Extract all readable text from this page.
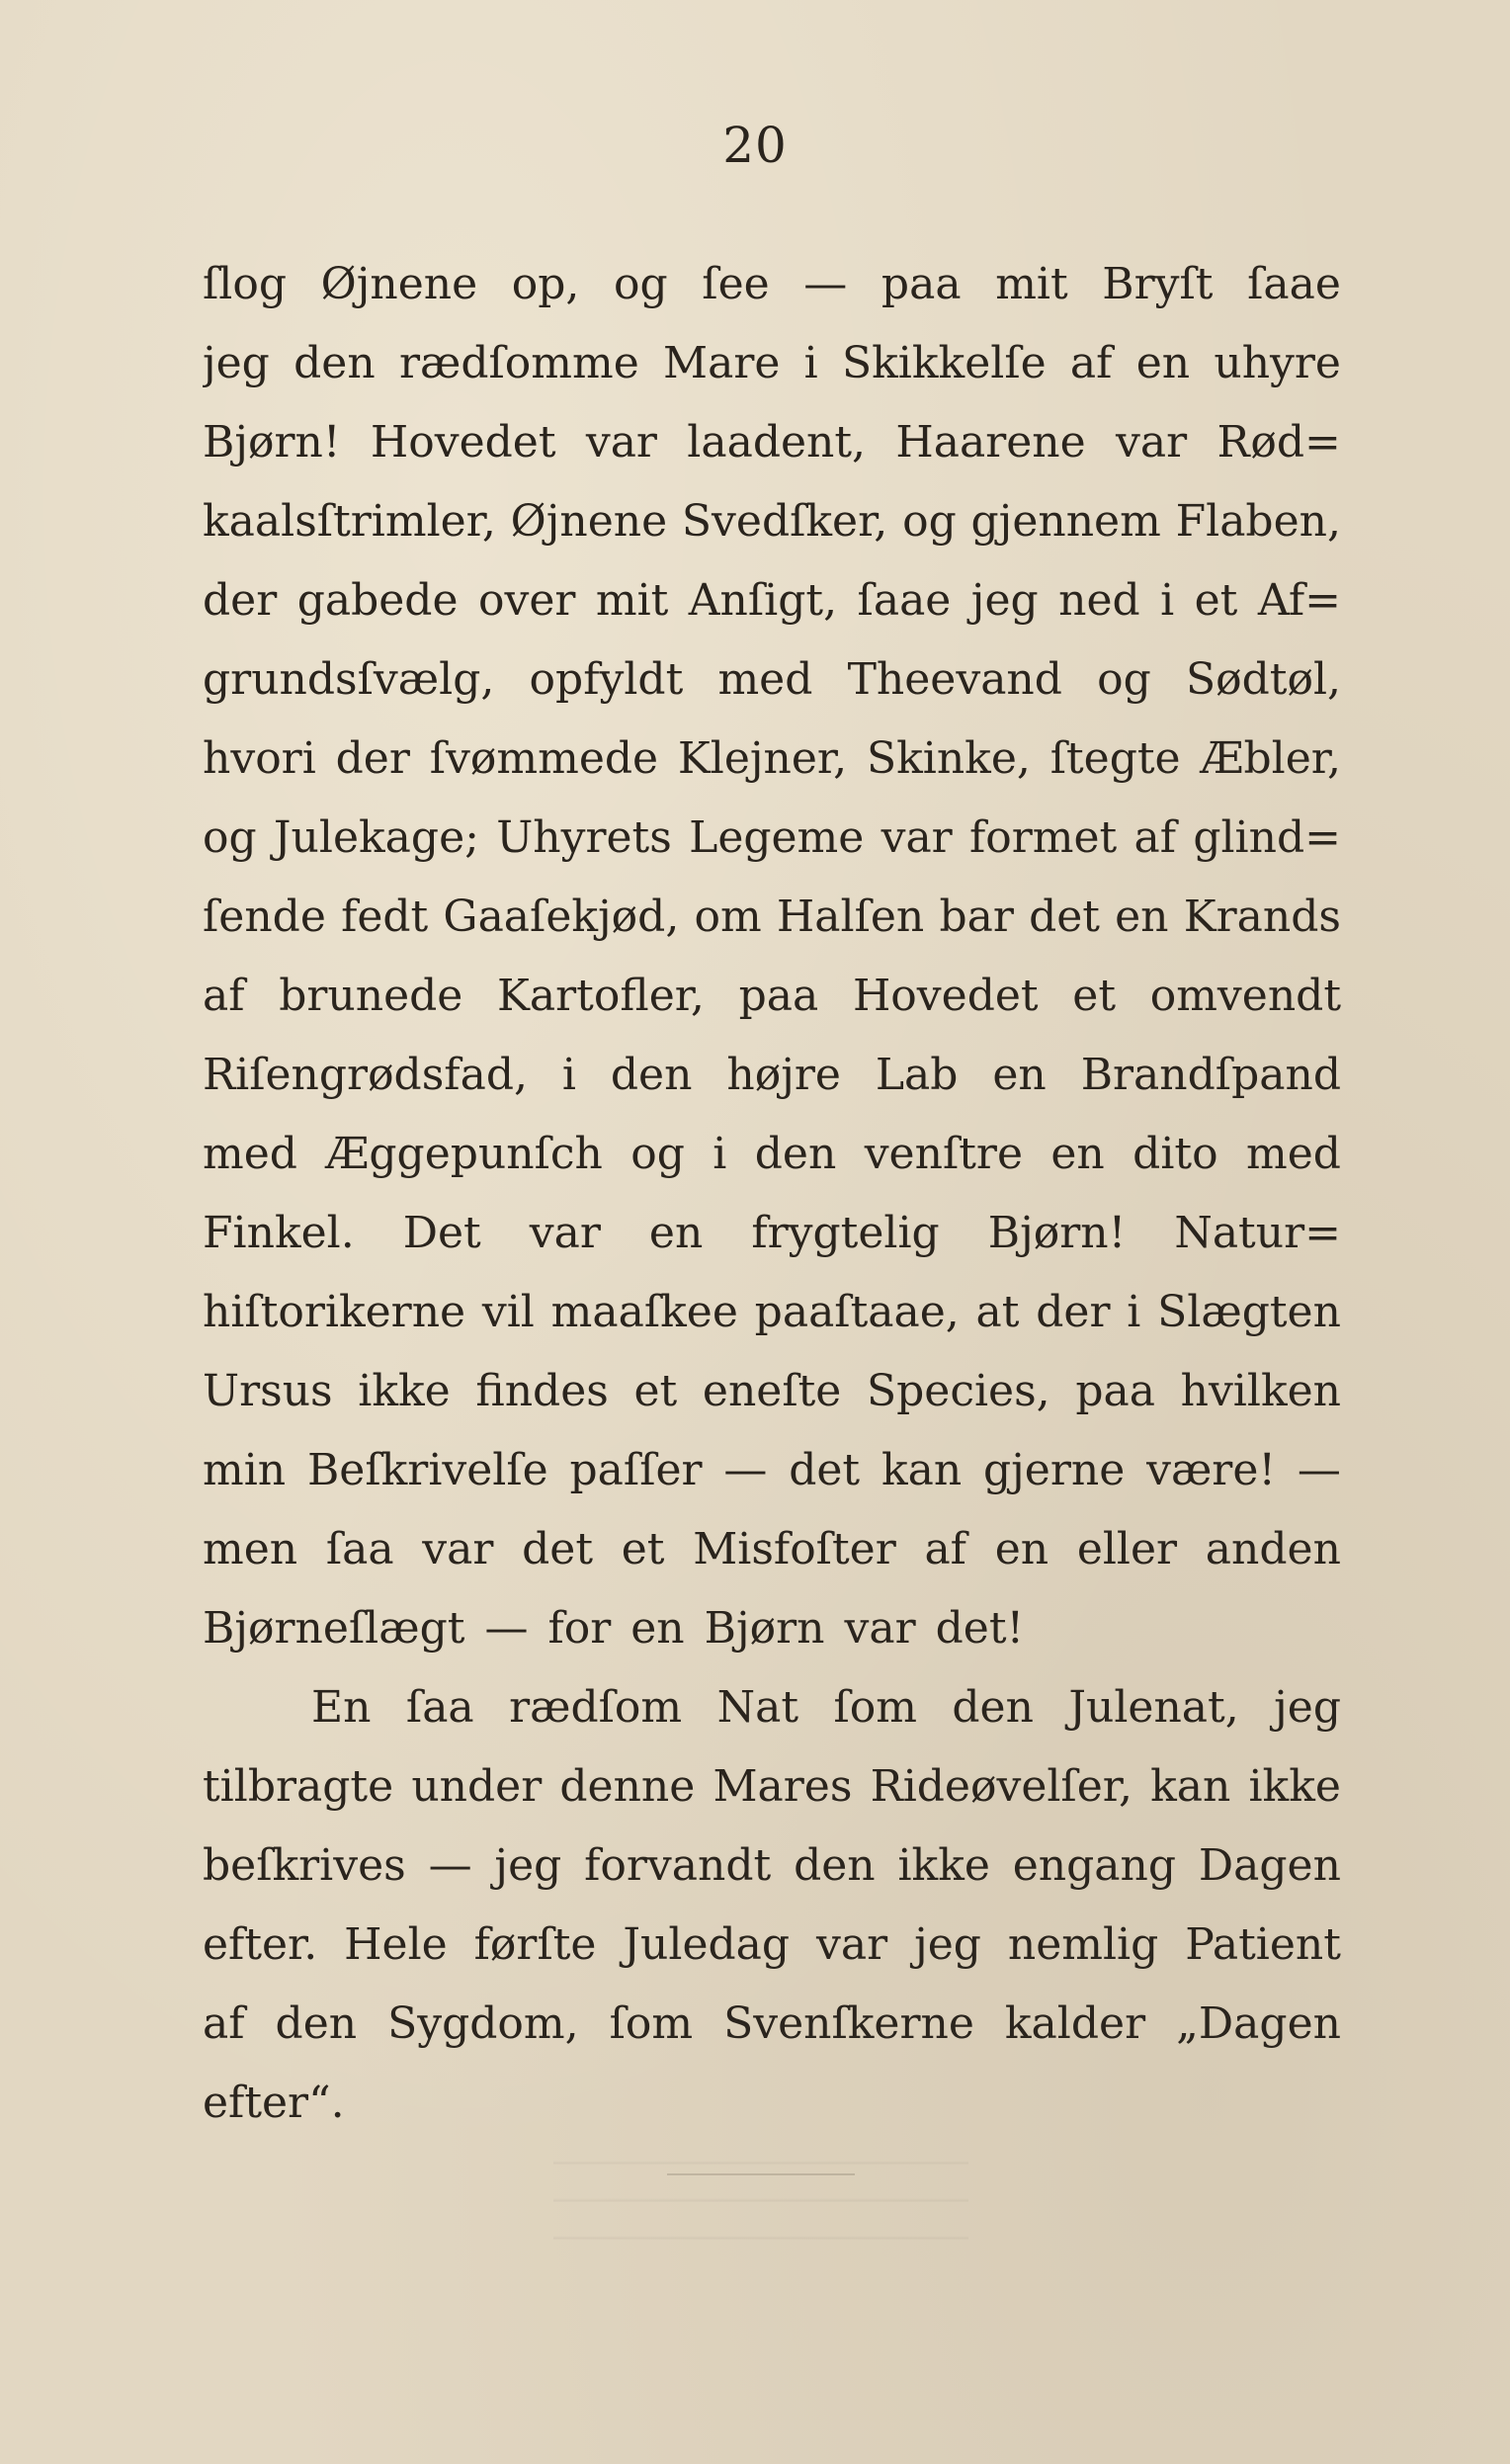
20
ſlog Øjnene op, og ſee — paa mit Bryſt ſaae
jeg den rædſomme Mare i Skikkelſe af en uhyre
Bjørn! Hovedet var laadent, Haarene var Rød=
kaalsſtrimler, Øjnene Svedſker, og gjennem Flaben,
der gabede over mit Anſigt, ſaae jeg ned i et Af=
grundsſvælg, opfyldt med Theevand og Sødtøl,
hvori der ſvømmede Klejner, Skinke, ſtegte Æbler,
og Julekage; Uhyrets Legeme var formet af glind=
ſende fedt Gaaſekjød, om Halſen bar det en Krands
af brunede Kartofler, paa Hovedet et omvendt
Riſengrødsfad, i den højre Lab en Brandſpand
med Æggepunſch og i den venſtre en dito med
Finkel. Det var en frygtelig Bjørn! Natur=
hiſtorikerne vil maaſkee paaſtaae, at der i Slægten
Ursus ikke findes et eneſte Species, paa hvilken
min Beſkrivelſe paſſer — det kan gjerne være! —
men ſaa var det et Misfoſter af en eller anden
Bjørneſlægt — for en Bjørn var det!
En ſaa rædſom Nat ſom den Julenat, jeg
tilbragte under denne Mares Rideøvelſer, kan ikke
beſkrives — jeg forvandt den ikke engang Dagen
efter. Hele førſte Juledag var jeg nemlig Patient
af den Sygdom, ſom Svenſkerne kalder „Dagen
efter“.
